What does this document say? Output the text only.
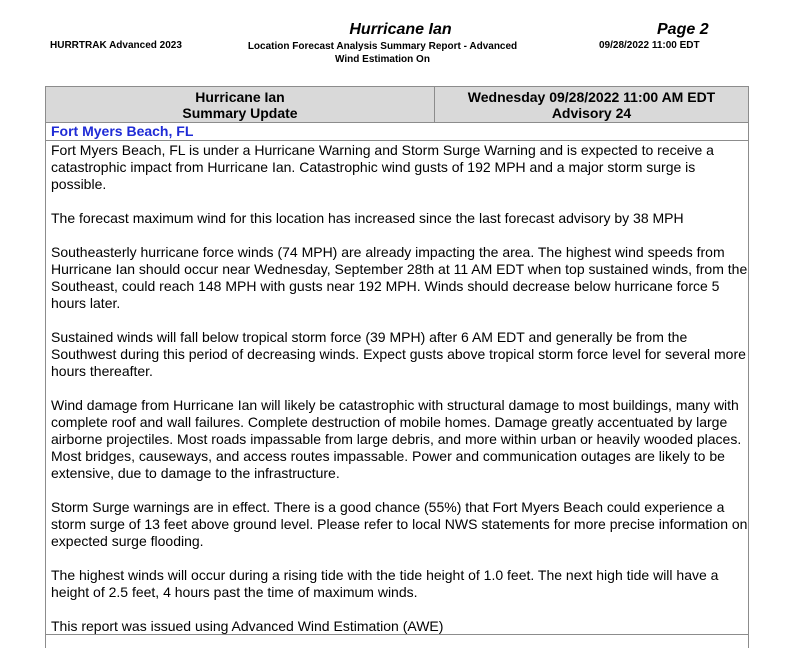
Hurricane Ian
HURRTRAK Advanced 2023	Location Forecast Analysis Summary Report - Advanced
Wind Estimation On
Page 2
09/28/2022 11:00 EDT
Hurricane Ian
Summary Update
Wednesday 09/28/2022 11:00 AM EDT
Advisory 24
Fort Myers Beach, FL

Fort Myers Beach, FL is under a Hurricane Warning and Storm Surge Warning and is expected to receive a catastrophic impact from Hurricane Ian. Catastrophic wind gusts of 192 MPH and a major storm surge is possible.

The forecast maximum wind for this location has increased since the last forecast advisory by 38 MPH

Southeasterly hurricane force winds (74 MPH) are already impacting the area. The highest wind speeds from Hurricane Ian should occur near Wednesday, September 28th at 11 AM EDT when top sustained winds, from the Southeast, could reach 148 MPH with gusts near 192 MPH. Winds should decrease below hurricane force 5 hours later.

Sustained winds will fall below tropical storm force (39 MPH) after 6 AM EDT and generally be from the Southwest during this period of decreasing winds. Expect gusts above tropical storm force level for several more hours thereafter.

Wind damage from Hurricane Ian will likely be catastrophic with structural damage to most buildings, many with complete roof and wall failures. Complete destruction of mobile homes. Damage greatly accentuated by large airborne projectiles. Most roads impassable from large debris, and more within urban or heavily wooded places. Most bridges, causeways, and access routes impassable. Power and communication outages are likely to be extensive, due to damage to the infrastructure.

Storm Surge warnings are in effect. There is a good chance (55%) that Fort Myers Beach could experience a storm surge of 13 feet above ground level. Please refer to local NWS statements for more precise information on expected surge flooding.

The highest winds will occur during a rising tide with the tide height of 1.0 feet. The next high tide will have a height of 2.5 feet, 4 hours past the time of maximum winds.

This report was issued using Advanced Wind Estimation (AWE)
